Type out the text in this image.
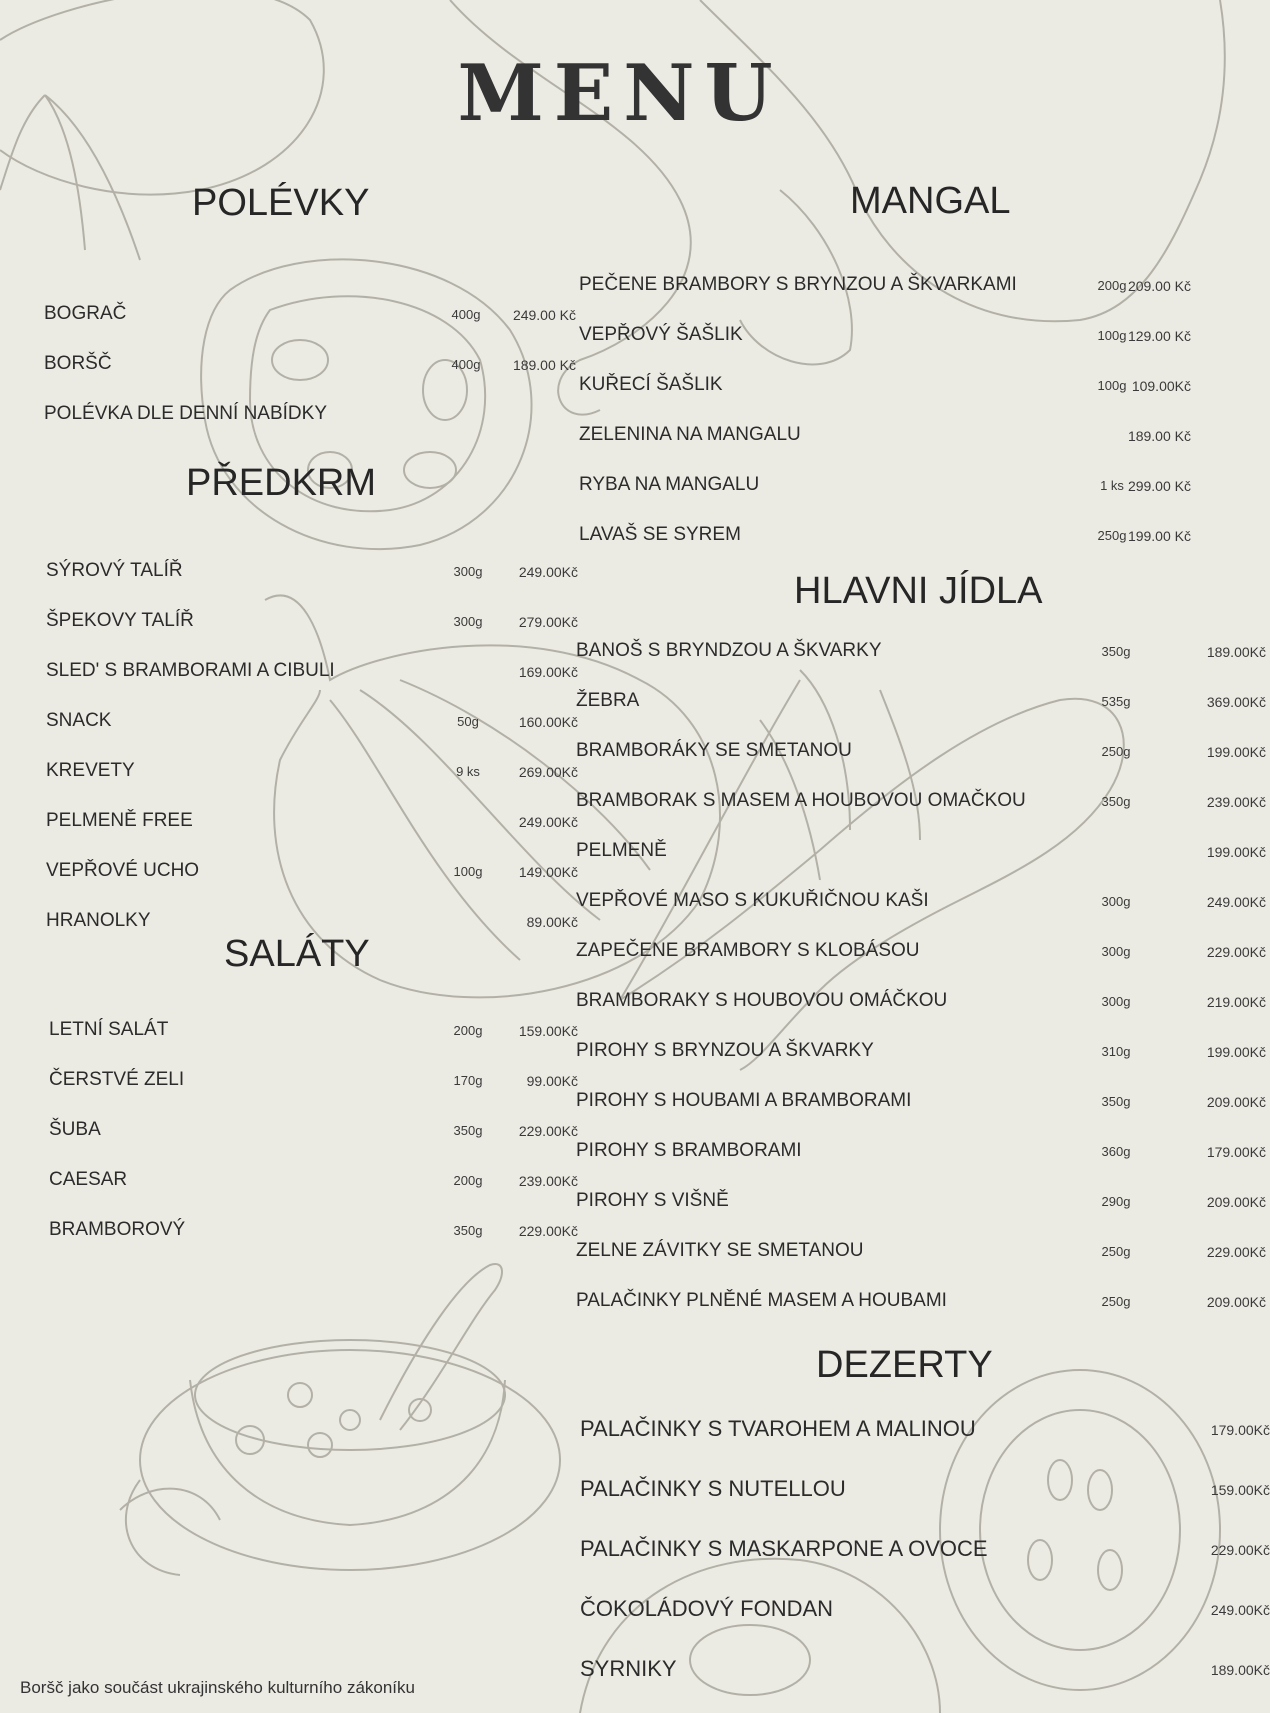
MENU
POLÉVKY
PŘEDKRM
SALÁTY
MANGAL
HLAVNI JÍDLA
DEZERTY
BOGRAČ	400g	249.00 Kč
BORŠČ	400g	189.00 Kč
POLÉVKA DLE DENNÍ NABÍDKY
SÝROVÝ TALÍŘ	300g	249.00Kč
ŠPEKOVY TALÍŘ	300g	279.00Kč
SLED' S BRAMBORAMI A CIBULI	169.00Kč
SNACK	50g	160.00Kč
KREVETY	9 ks	269.00Kč
PELMENĚ FREE	249.00Kč
VEPŘOVÉ UCHO	100g	149.00Kč
HRANOLKY	89.00Kč
LETNÍ SALÁT	200g	159.00Kč
ČERSTVÉ ZELI	170g	99.00Kč
ŠUBA	350g	229.00Kč
CAESAR	200g	239.00Kč
BRAMBOROVÝ	350g	229.00Kč
PEČENE BRAMBORY S BRYNZOU A ŠKVARKAMI	200g 209.00 Kč
VEPŘOVÝ ŠAŠLIK	100g 129.00 Kč
KUŘECÍ ŠAŠLIK	100g 109.00Kč
ZELENINA NA MANGALU	189.00 Kč
RYBA NA MANGALU	1 ks 299.00 Kč
LAVAŠ SE SYREM	250g 199.00 Kč
BANOŠ S BRYNDZOU A ŠKVARKY	350g	189.00Kč
ŽEBRA	535g	369.00Kč
BRAMBORÁKY SE SMETANOU	250g	199.00Kč
BRAMBORAK S MASEM A HOUBOVOU OMAČKOU	350g	239.00Kč
PELMENĚ	199.00Kč
VEPŘOVÉ MASO S KUKUŘIČNOU KAŠI	300g	249.00Kč
ZAPEČENE BRAMBORY S KLOBÁSOU	300g	229.00Kč
BRAMBORAKY S HOUBOVOU OMÁČKOU	300g	219.00Kč
PIROHY S BRYNZOU A ŠKVARKY	310g	199.00Kč
PIROHY S HOUBAMI A BRAMBORAMI	350g	209.00Kč
PIROHY S BRAMBORAMI	360g	179.00Kč
PIROHY S VIŠNĚ	290g	209.00Kč
ZELNE ZÁVITKY SE SMETANOU	250g	229.00Kč
PALAČINKY PLNĚNÉ MASEM A HOUBAMI	250g	209.00Kč
PALAČINKY S TVAROHEM A MALINOU	179.00Kč
PALAČINKY S NUTELLOU	159.00Kč
PALAČINKY S MASKARPONE A OVOCE	229.00Kč
ČOKOLÁDOVÝ FONDAN	249.00Kč
SYRNIKY	189.00Kč
Boršč jako součást ukrajinského kulturního zákoníku
